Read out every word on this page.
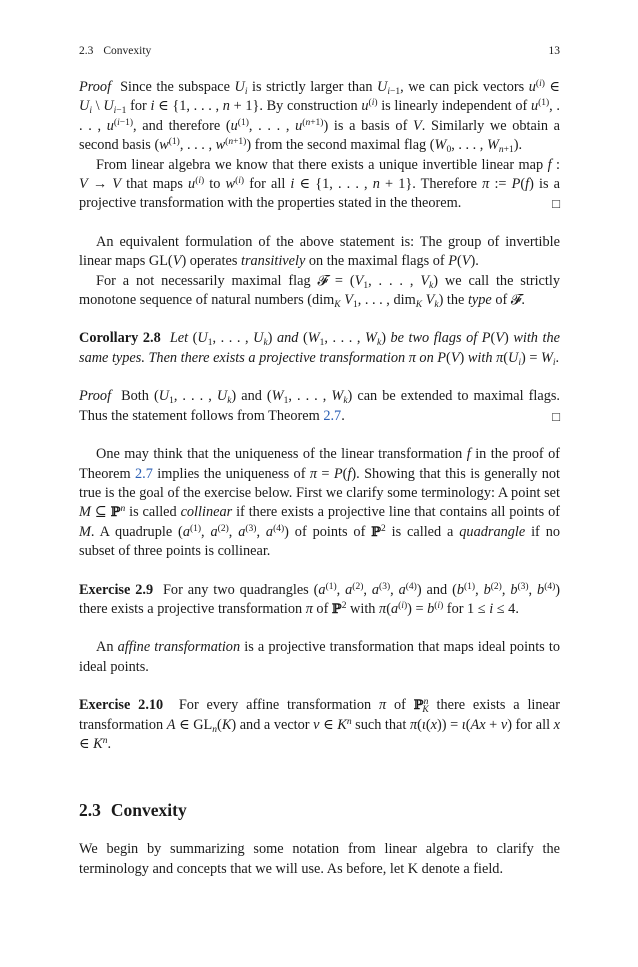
2.3 Convexity	13

Proof  Since the subspace $U_i$ is strictly larger than $U_{i-1}$, we can pick vectors $u^{(i)}$ ∈ $U_i$ \ $U_{i-1}$ for i ∈ {1, . . . , n + 1}. By construction $u^{(i)}$ is linearly independent of $u^{(1)}$, . . . , $u^{(i-1)}$, and therefore ($u^{(1)}$, . . . , $u^{(n+1)}$) is a basis of V. Similarly we obtain a second basis ($w^{(1)}$, . . . , $w^{(n+1)}$) from the second maximal flag ($W_0$, . . . , $W_{n+1}$).

From linear algebra we know that there exists a unique invertible linear map f : V → V that maps $u^{(i)}$ to $w^{(i)}$ for all i ∈ {1, . . . , n + 1}. Therefore π := P(f) is a projective transformation with the properties stated in the theorem.	□

An equivalent formulation of the above statement is: The group of invertible linear maps GL(V) operates transitively on the maximal flags of P(V).

For a not necessarily maximal flag 𝓕 = ($V_1$, . . . , $V_k$) we call the strictly monotone sequence of natural numbers (dim$_K$ $V_1$, . . . , dim$_K$ $V_k$) the type of 𝓕.

Corollary 2.8 Let ($U_1$, . . . , $U_k$) and ($W_1$, . . . , $W_k$) be two flags of P(V) with the same types. Then there exists a projective transformation π on P(V) with $\pi(U_i) = W_i$.

Proof  Both ($U_1$, . . . , $U_k$) and ($W_1$, . . . , $W_k$) can be extended to maximal flags. Thus the statement follows from Theorem 2.7.	□

One may think that the uniqueness of the linear transformation f in the proof of Theorem 2.7 implies the uniqueness of π = P(f). Showing that this is generally not true is the goal of the exercise below. First we clarify some terminology: A point set M ⊆ ℙ$^n$ is called collinear if there exists a projective line that contains all points of M. A quadruple ($a^{(1)}$, $a^{(2)}$, $a^{(3)}$, $a^{(4)}$) of points of ℙ$^2$ is called a quadrangle if no subset of three points is collinear.

Exercise 2.9  For any two quadrangles ($a^{(1)}$, $a^{(2)}$, $a^{(3)}$, $a^{(4)}$) and ($b^{(1)}$, $b^{(2)}$, $b^{(3)}$, $b^{(4)}$) there exists a projective transformation π of ℙ$^2$ with $\pi(a^{(i)}) = b^{(i)}$ for 1 ≤ i ≤ 4.

An affine transformation is a projective transformation that maps ideal points to ideal points.

Exercise 2.10  For every affine transformation π of ℙ$^n_K$ there exists a linear transformation A ∈ $GL_n(K)$ and a vector v ∈ $K^n$ such that π(ι(x)) = ι(Ax + v) for all x ∈ $K^n$.

2.3 Convexity

We begin by summarizing some notation from linear algebra to clarify the terminology and concepts that we will use. As before, let K denote a field.
